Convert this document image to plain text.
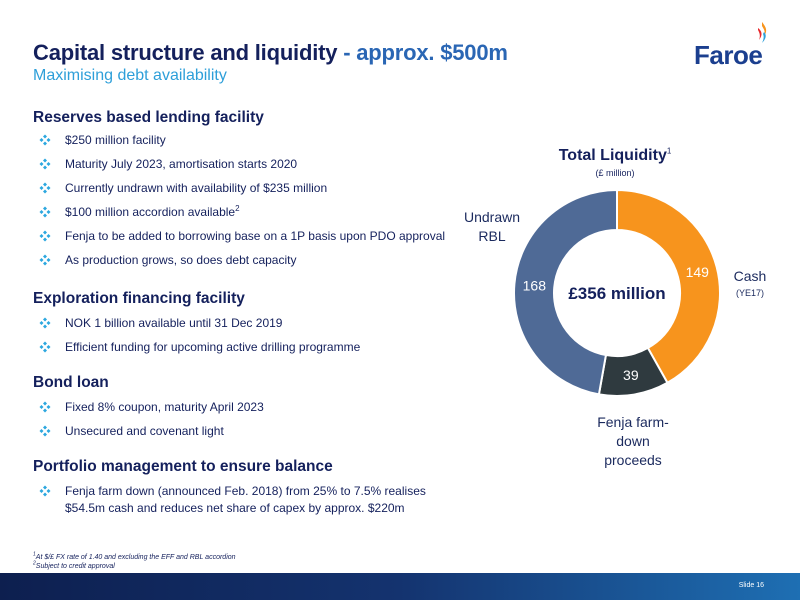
Capital structure and liquidity - approx. $500m
Maximising debt availability
Faroe
Reserves based lending facility
$250 million facility
Maturity July 2023, amortisation starts 2020
Currently undrawn with availability of $235 million
$100 million accordion available$^2$
Fenja to be added to borrowing base on a 1P basis upon PDO approval
As production grows, so does debt capacity
Exploration financing facility
NOK 1 billion available until 31 Dec 2019
Efficient funding for upcoming active drilling programme
Bond loan
Fixed 8% coupon, maturity April 2023
Unsecured and covenant light
Portfolio management to ensure balance
Fenja farm down (announced Feb. 2018) from 25% to 7.5% realises
$54.5m cash and reduces net share of capex by approx. $220m
Total Liquidity$^1$
(£ million)
£356 million
149
39
168
Undrawn
RBL
Cash
(YE17)
Fenja farm-
down
proceeds
$^1$At $/£ FX rate of 1.40 and excluding the EFF and RBL accordion
$^2$Subject to credit approval
Slide 16
